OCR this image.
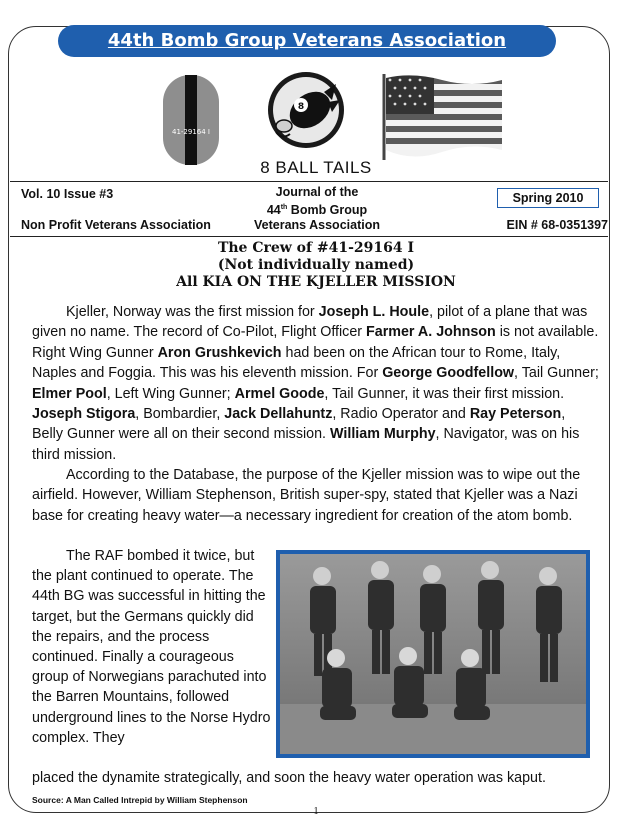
44th Bomb Group Veterans Association
41-29164 I
8
8 BALL TAILS
Vol. 10 Issue #3	Journal of the
44th Bomb Group
Veterans Association
Spring 2010
Non Profit Veterans Association	EIN # 68-0351397
The Crew of #41-29164 I
(Not individually named)
All KIA ON THE KJELLER MISSION

Kjeller, Norway was the first mission for Joseph L. Houle, pilot of a plane that was given no name. The record of Co-Pilot, Flight Officer Farmer A. Johnson is not available. Right Wing Gunner Aron Grushkevich had been on the African tour to Rome, Italy, Naples and Foggia. This was his eleventh mission. For George Goodfellow, Tail Gunner; Elmer Pool, Left Wing Gunner; Armel Goode, Tail Gunner, it was their first mission. Joseph Stigora, Bombardier, Jack Dellahuntz, Radio Operator and Ray Peterson, Belly Gunner were all on their second mission. William Murphy, Navigator, was on his third mission.

According to the Database, the purpose of the Kjeller mission was to wipe out the airfield. However, William Stephenson, British super-spy, stated that Kjeller was a Nazi base for creating heavy water—a necessary ingredient for creation of the atom bomb.

The RAF bombed it twice, but the plant continued to operate. The 44th BG was successful in hitting the target, but the Germans quickly did the repairs, and the process continued. Finally a courageous group of Norwegians parachuted into the Barren Mountains, followed underground lines to the Norse Hydro complex. They

placed the dynamite strategically, and soon the heavy water operation was kaput.

Source: A Man Called Intrepid by William Stephenson
1
